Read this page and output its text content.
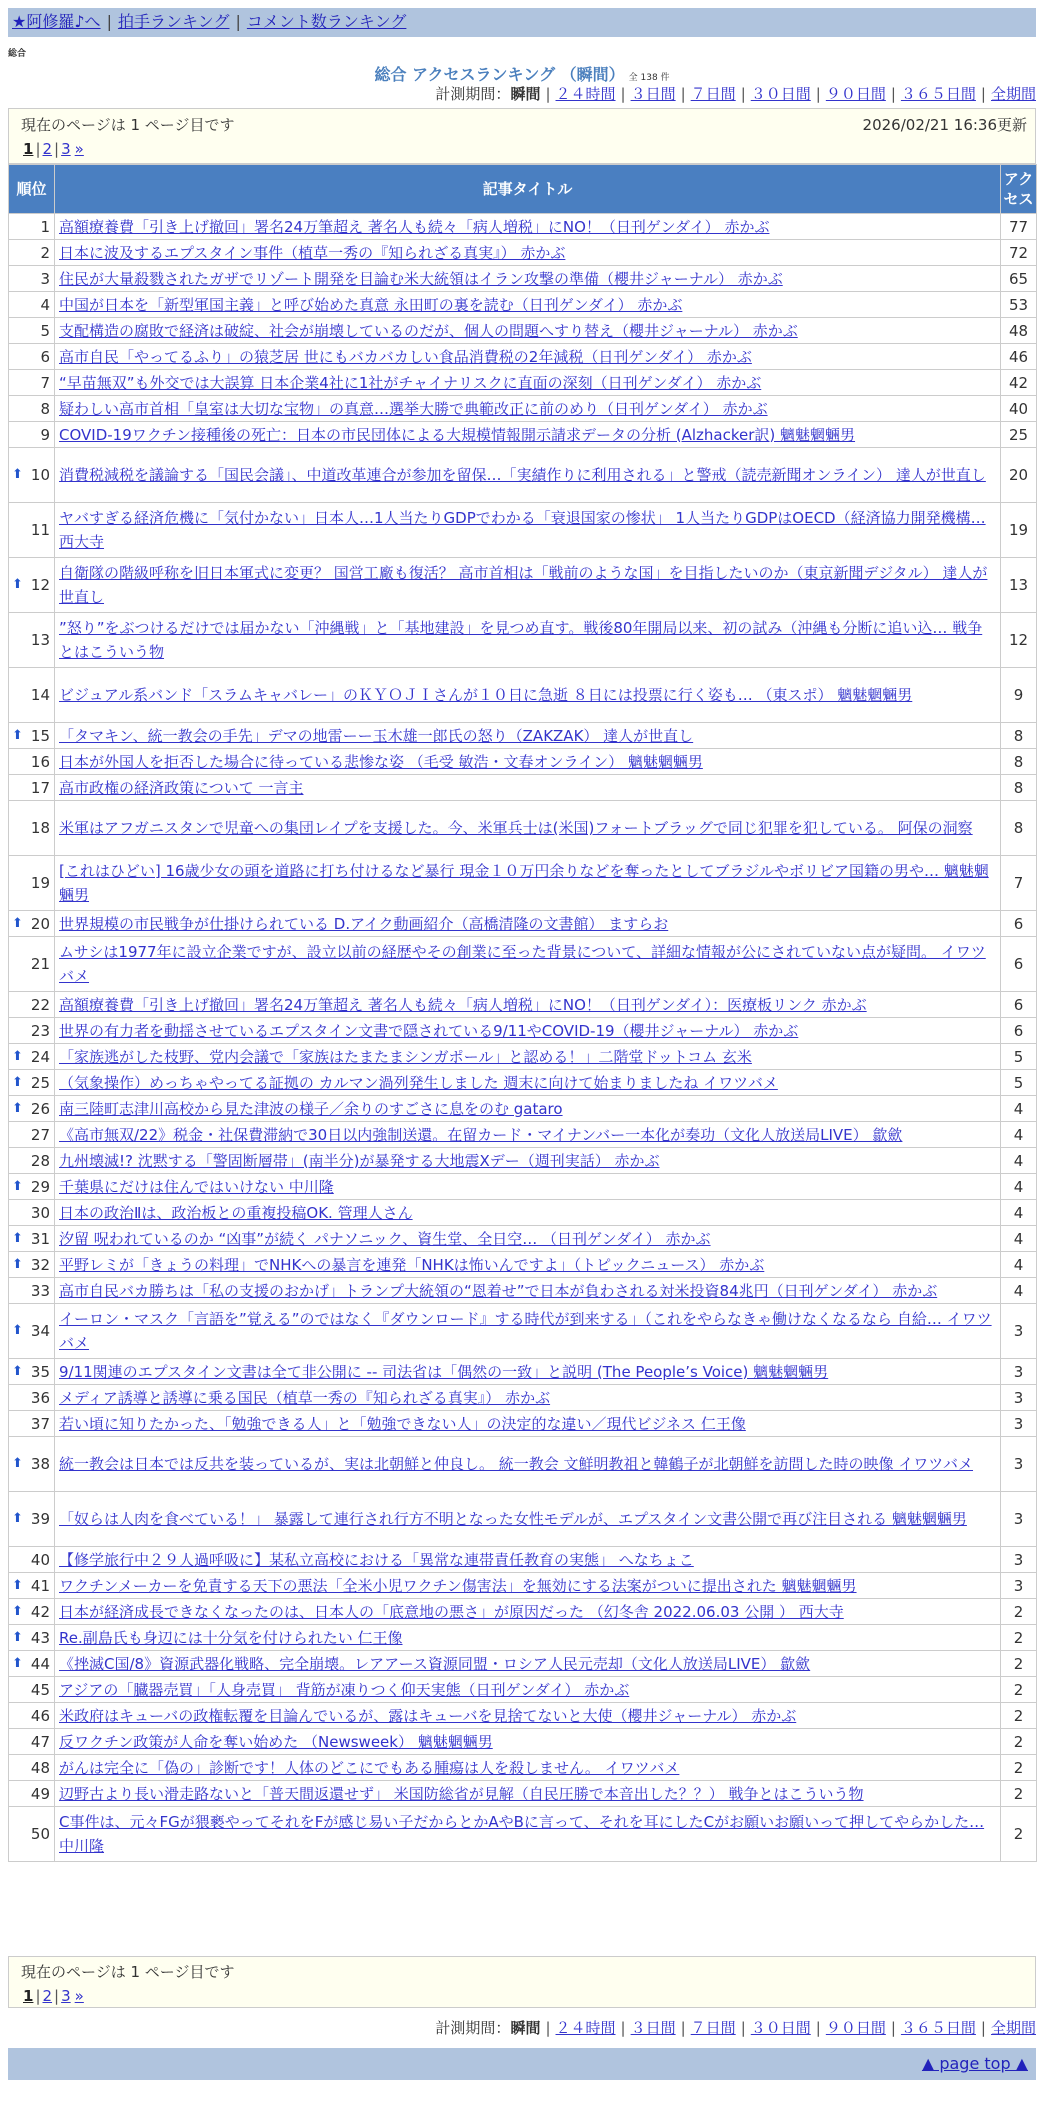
★阿修羅♪へ | 拍手ランキング | コメント数ランキング
総合
総合 アクセスランキング （瞬間） 全 138 件
計測期間：瞬間 | ２４時間 | ３日間 | ７日間 | ３０日間 | ９０日間 | ３６５日間 | 全期間
現在のページは 1 ページ目です	2026/02/21 16:36更新
1 | 2 | 3 »
順位	記事タイトル	アクセス
1	高額療養費「引き上げ撤回」署名24万筆超え 著名人も続々「病人増税」にNO！（日刊ゲンダイ） 赤かぶ	77
2	日本に波及するエプスタイン事件（植草一秀の『知られざる真実』） 赤かぶ	72
3	住民が大量殺戮されたガザでリゾート開発を目論む米大統領はイラン攻撃の準備（櫻井ジャーナル） 赤かぶ	65
4	中国が日本を「新型軍国主義」と呼び始めた真意 永田町の裏を読む（日刊ゲンダイ） 赤かぶ	53
5	支配構造の腐敗で経済は破綻、社会が崩壊しているのだが、個人の問題へすり替え（櫻井ジャーナル） 赤かぶ	48
6	高市自民「やってるふり」の猿芝居 世にもバカバカしい食品消費税の2年減税（日刊ゲンダイ） 赤かぶ	46
7	“早苗無双”も外交では大誤算 日本企業4社に1社がチャイナリスクに直面の深刻（日刊ゲンダイ） 赤かぶ	42
8	疑わしい高市首相「皇室は大切な宝物」の真意…選挙大勝で典範改正に前のめり（日刊ゲンダイ） 赤かぶ	40
9	COVID-19ワクチン接種後の死亡：日本の市民団体による大規模情報開示請求データの分析 (Alzhacker訳) 魑魅魍魎男	25

⬆ 10	消費税減税を議論する「国民会議」、中道改革連合が参加を留保…「実績作りに利用される」と警戒（読売新聞オンライン） 達人が世直し	20
11	ヤバすぎる経済危機に「気付かない」日本人…1人当たりGDPでわかる「衰退国家の惨状」 1人当たりGDPはOECD（経済協力開発機構… 西大寺	19

⬆ 12	自衛隊の階級呼称を旧日本軍式に変更？ 国営工廠も復活？ 高市首相は「戦前のような国」を目指したいのか（東京新聞デジタル） 達人が世直し	13
13	”怒り”をぶつけるだけでは届かない「沖縄戦」と「基地建設」を見つめ直す。戦後80年開局以来、初の試み（沖縄も分断に追い込… 戦争とはこういう物	12
14	ビジュアル系バンド「スラムキャバレー」のＫＹＯＪＩさんが１０日に急逝 ８日には投票に行く姿も… （東スポ） 魑魅魍魎男	9

⬆ 15	「タマキン、統一教会の手先」デマの地雷ーー玉木雄一郎氏の怒り（ZAKZAK） 達人が世直し	8
16	日本が外国人を拒否した場合に待っている悲惨な姿 （毛受 敏浩・文春オンライン） 魑魅魍魎男	8
17	高市政権の経済政策について 一言主	8
18	米軍はアフガニスタンで児童への集団レイプを支援した。今、米軍兵士は(米国)フォートブラッグで同じ犯罪を犯している。 阿保の洞察	8
19	[これはひどい] 16歳少女の頭を道路に打ち付けるなど暴行 現金１０万円余りなどを奪ったとしてブラジルやボリビア国籍の男や… 魑魅魍魎男	7

⬆ 20	世界規模の市民戦争が仕掛けられている D.アイク動画紹介（高橋清隆の文書館） ますらお	6
21	ムサシは1977年に設立企業ですが、設立以前の経歴やその創業に至った背景について、詳細な情報が公にされていない点が疑問。 イワツバメ	6
22	高額療養費「引き上げ撤回」署名24万筆超え 著名人も続々「病人増税」にNO！（日刊ゲンダイ）：医療板リンク 赤かぶ	6
23	世界の有力者を動揺させているエプスタイン文書で隠されている9/11やCOVID-19（櫻井ジャーナル） 赤かぶ	6

⬆ 24	「家族逃がした枝野、党内会議で「家族はたまたまシンガポール」と認める！」二階堂ドットコム 玄米	5

⬆ 25	（気象操作）めっちゃやってる証拠の カルマン渦列発生しました 週末に向けて始まりましたね イワツバメ	5

⬆ 26	南三陸町志津川高校から見た津波の様子／余りのすごさに息をのむ gataro	4
27	《高市無双/22》税金・社保費滞納で30日以内強制送還。在留カード・マイナンバー一本化が奏功（文化人放送局LIVE） 歙歛	4
28	九州壊滅!? 沈黙する「警固断層帯」(南半分)が暴発する大地震Xデー（週刊実話） 赤かぶ	4

⬆ 29	千葉県にだけは住んではいけない 中川隆	4
30	日本の政治Ⅱは、政治板との重複投稿OK. 管理人さん	4

⬆ 31	汐留 呪われているのか “凶事”が続く パナソニック、資生堂、全日空… （日刊ゲンダイ） 赤かぶ	4

⬆ 32	平野レミが「きょうの料理」でNHKへの暴言を連発「NHKは怖いんですよ」（トピックニュース） 赤かぶ	4
33	高市自民バカ勝ちは「私の支援のおかげ」トランプ大統領の“恩着せ”で日本が負わされる対米投資84兆円（日刊ゲンダイ） 赤かぶ	4

⬆ 34	イーロン・マスク「言語を”覚える”のではなく『ダウンロード』する時代が到来する」（これをやらなきゃ働けなくなるなら 自給… イワツバメ	3

⬆ 35	9/11関連のエプスタイン文書は全て非公開に -- 司法省は「偶然の一致」と説明 (The People’s Voice) 魑魅魍魎男	3
36	メディア誘導と誘導に乗る国民（植草一秀の『知られざる真実』） 赤かぶ	3
37	若い頃に知りたかった、「勉強できる人」と「勉強できない人」の決定的な違い／現代ビジネス 仁王像	3

⬆ 38	統一教会は日本では反共を装っているが、実は北朝鮮と仲良し。 統一教会 文鮮明教祖と韓鶴子が北朝鮮を訪問した時の映像 イワツバメ	3

⬆ 39	「奴らは人肉を食べている！」 暴露して連行され行方不明となった女性モデルが、エプスタイン文書公開で再び注目される 魑魅魍魎男	3
40	【修学旅行中２９人過呼吸に】某私立高校における「異常な連帯責任教育の実態」 へなちょこ	3

⬆ 41	ワクチンメーカーを免責する天下の悪法「全米小児ワクチン傷害法」を無効にする法案がついに提出された 魑魅魍魎男	3

⬆ 42	日本が経済成長できなくなったのは、日本人の「底意地の悪さ」が原因だった （幻冬舎 2022.06.03 公開 ） 西大寺	2

⬆ 43	Re.副島氏も身辺には十分気を付けられたい 仁王像	2

⬆ 44	《挫滅C国/8》資源武器化戦略、完全崩壊。レアアース資源同盟・ロシア人民元売却（文化人放送局LIVE） 歙歛	2
45	アジアの「臓器売買」「人身売買」 背筋が凍りつく仰天実態（日刊ゲンダイ） 赤かぶ	2
46	米政府はキューバの政権転覆を目論んでいるが、露はキューバを見捨てないと大使（櫻井ジャーナル） 赤かぶ	2
47	反ワクチン政策が人命を奪い始めた （Newsweek） 魑魅魍魎男	2
48	がんは完全に「偽の」診断です！人体のどこにでもある腫瘍は人を殺しません。 イワツバメ	2
49	辺野古より長い滑走路ないと「普天間返還せず」 米国防総省が見解（自民圧勝で本音出した？？） 戦争とはこういう物	2
50	C事件は、元々FGが猥褻やってそれをFが感じ易い子だからとかAやBに言って、それを耳にしたCがお願いお願いって押してやらかした… 中川隆	2
現在のページは 1 ページ目です
1 | 2 | 3 »
計測期間：瞬間 | ２４時間 | ３日間 | ７日間 | ３０日間 | ９０日間 | ３６５日間 | 全期間
▲ page top ▲
